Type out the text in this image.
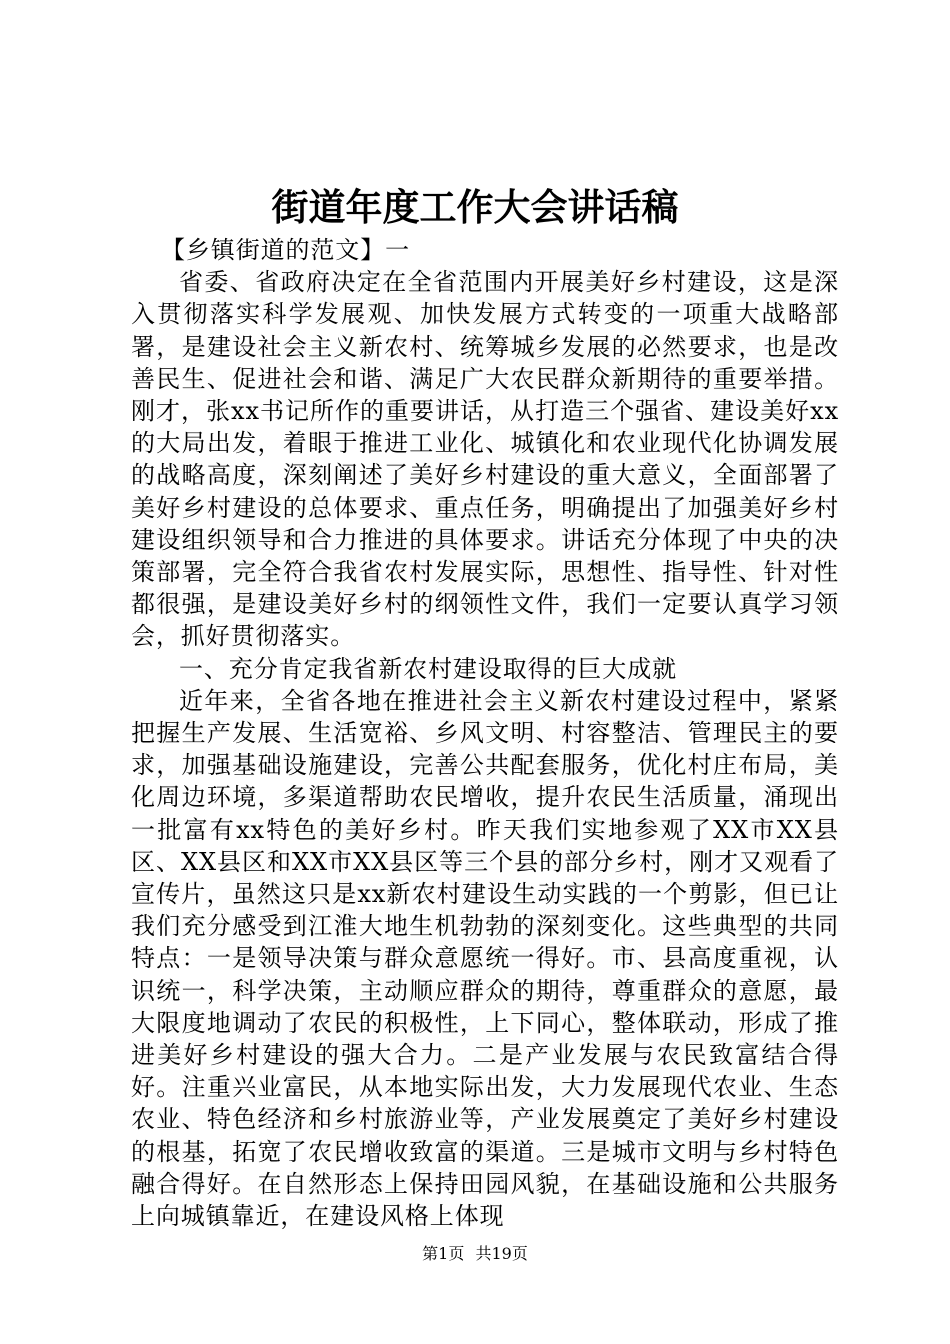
街道年度工作大会讲话稿

【乡镇街道的范文】一

省委、省政府决定在全省范围内开展美好乡村建设，这是深入贯彻落实科学发展观、加快发展方式转变的一项重大战略部署，是建设社会主义新农村、统筹城乡发展的必然要求，也是改善民生、促进社会和谐、满足广大农民群众新期待的重要举措。刚才，张xx书记所作的重要讲话，从打造三个强省、建设美好xx的大局出发，着眼于推进工业化、城镇化和农业现代化协调发展的战略高度，深刻阐述了美好乡村建设的重大意义，全面部署了美好乡村建设的总体要求、重点任务，明确提出了加强美好乡村建设组织领导和合力推进的具体要求。讲话充分体现了中央的决策部署，完全符合我省农村发展实际，思想性、指导性、针对性都很强，是建设美好乡村的纲领性文件，我们一定要认真学习领会，抓好贯彻落实。

一、充分肯定我省新农村建设取得的巨大成就

近年来，全省各地在推进社会主义新农村建设过程中，紧紧把握生产发展、生活宽裕、乡风文明、村容整洁、管理民主的要求，加强基础设施建设，完善公共配套服务，优化村庄布局，美化周边环境，多渠道帮助农民增收，提升农民生活质量，涌现出一批富有xx特色的美好乡村。昨天我们实地参观了XX市XX县区、XX县区和XX市XX县区等三个县的部分乡村，刚才又观看了宣传片，虽然这只是xx新农村建设生动实践的一个剪影，但已让我们充分感受到江淮大地生机勃勃的深刻变化。这些典型的共同特点：一是领导决策与群众意愿统一得好。市、县高度重视，认识统一，科学决策，主动顺应群众的期待，尊重群众的意愿，最大限度地调动了农民的积极性，上下同心，整体联动，形成了推进美好乡村建设的强大合力。二是产业发展与农民致富结合得好。注重兴业富民，从本地实际出发，大力发展现代农业、生态农业、特色经济和乡村旅游业等，产业发展奠定了美好乡村建设的根基，拓宽了农民增收致富的渠道。三是城市文明与乡村特色融合得好。在自然形态上保持田园风貌，在基础设施和公共服务上向城镇靠近，在建设风格上体现

第1页 共19页
